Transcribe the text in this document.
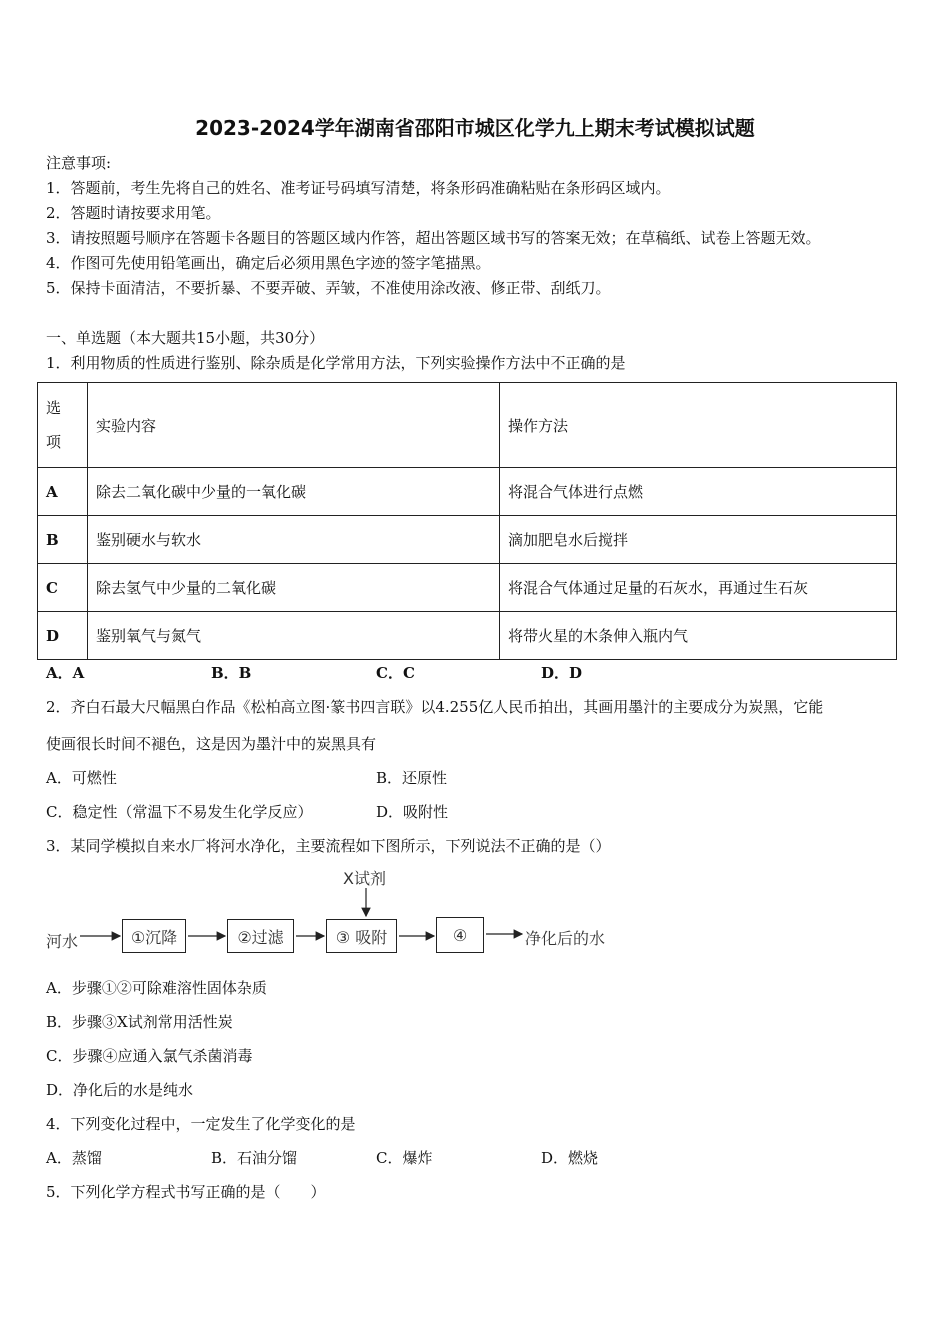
2023-2024学年湖南省邵阳市城区化学九上期末考试模拟试题
注意事项:
1．答题前，考生先将自己的姓名、准考证号码填写清楚，将条形码准确粘贴在条形码区域内。
2．答题时请按要求用笔。
3．请按照题号顺序在答题卡各题目的答题区域内作答，超出答题区域书写的答案无效；在草稿纸、试卷上答题无效。
4．作图可先使用铅笔画出，确定后必须用黑色字迹的签字笔描黑。
5．保持卡面清洁，不要折暴、不要弄破、弄皱，不准使用涂改液、修正带、刮纸刀。
一、单选题（本大题共15小题，共30分）
1．利用物质的性质进行鉴别、除杂质是化学常用方法，下列实验操作方法中不正确的是
选
项	实验内容	操作方法
A	除去二氧化碳中少量的一氧化碳	将混合气体进行点燃
B	鉴别硬水与软水	滴加肥皂水后搅拌
C	除去氢气中少量的二氧化碳	将混合气体通过足量的石灰水，再通过生石灰
D	鉴别氧气与氮气	将带火星的木条伸入瓶内气
A．A	B．B	C．C	D．D
2．齐白石最大尺幅黑白作品《松柏高立图·篆书四言联》以4.255亿人民币拍出，其画用墨汁的主要成分为炭黑，它能
使画很长时间不褪色，这是因为墨汁中的炭黑具有
A．可燃性	B．还原性
C．稳定性（常温下不易发生化学反应）	D．吸附性
3．某同学模拟自来水厂将河水净化，主要流程如下图所示，下列说法不正确的是（）
X试剂
河水	①沉降	②过滤	③ 吸附	④	净化后的水
A．步骤①②可除难溶性固体杂质
B．步骤③X试剂常用活性炭
C．步骤④应通入氯气杀菌消毒
D．净化后的水是纯水
4．下列变化过程中，一定发生了化学变化的是
A．蒸馏	B．石油分馏	C．爆炸	D．燃烧
5．下列化学方程式书写正确的是（　　）
